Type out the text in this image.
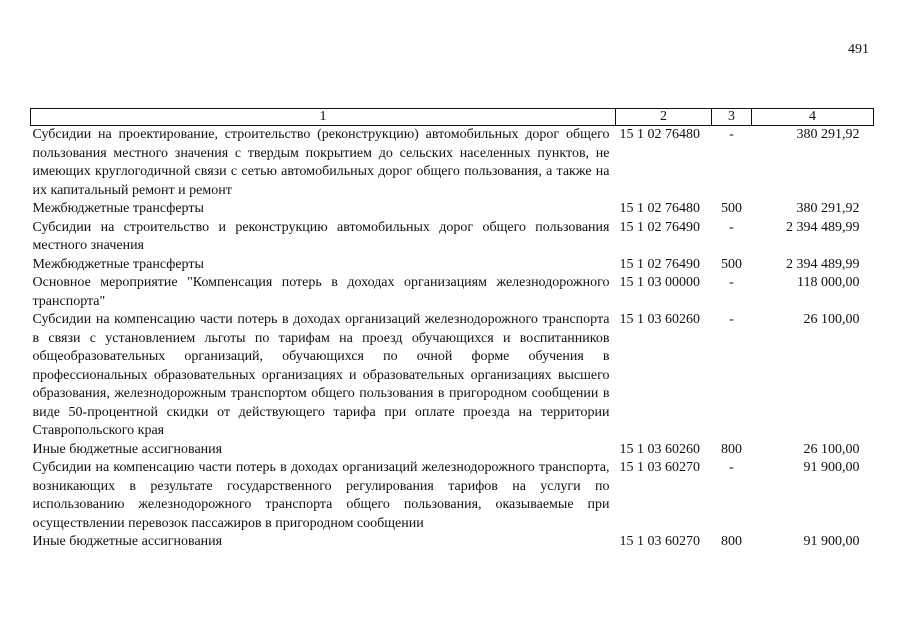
491
1	2	3	4
Субсидии на проектирование, строительство (реконструкцию) автомобильных дорог общего пользования местного значения с твердым покрытием до сельских населенных пунктов, не имеющих круглогодичной связи с сетью автомобильных дорог общего пользования, а также на их капитальный ремонт и ремонт	15 1 02 76480	-	380 291,92
Межбюджетные трансферты	15 1 02 76480	500	380 291,92
Субсидии на строительство и реконструкцию автомобильных дорог общего пользования местного значения	15 1 02 76490	-	2 394 489,99
Межбюджетные трансферты	15 1 02 76490	500	2 394 489,99
Основное мероприятие "Компенсация потерь в доходах организациям железнодорожного транспорта"	15 1 03 00000	-	118 000,00
Субсидии на компенсацию части потерь в доходах организаций железнодорожного транспорта в связи с установлением льготы по тарифам на проезд обучающихся и воспитанников общеобразовательных организаций, обучающихся по очной форме обучения в профессиональных образовательных организациях и образовательных организациях высшего образования, железнодорожным транспортом общего пользования в пригородном сообщении в виде 50-процентной скидки от действующего тарифа при оплате проезда на территории Ставропольского края	15 1 03 60260	-	26 100,00
Иные бюджетные ассигнования	15 1 03 60260	800	26 100,00
Субсидии на компенсацию части потерь в доходах организаций железнодорожного транспорта, возникающих в результате государственного регулирования тарифов на услуги по использованию железнодорожного транспорта общего пользования, оказываемые при осуществлении перевозок пассажиров в пригородном сообщении	15 1 03 60270	-	91 900,00
Иные бюджетные ассигнования	15 1 03 60270	800	91 900,00
